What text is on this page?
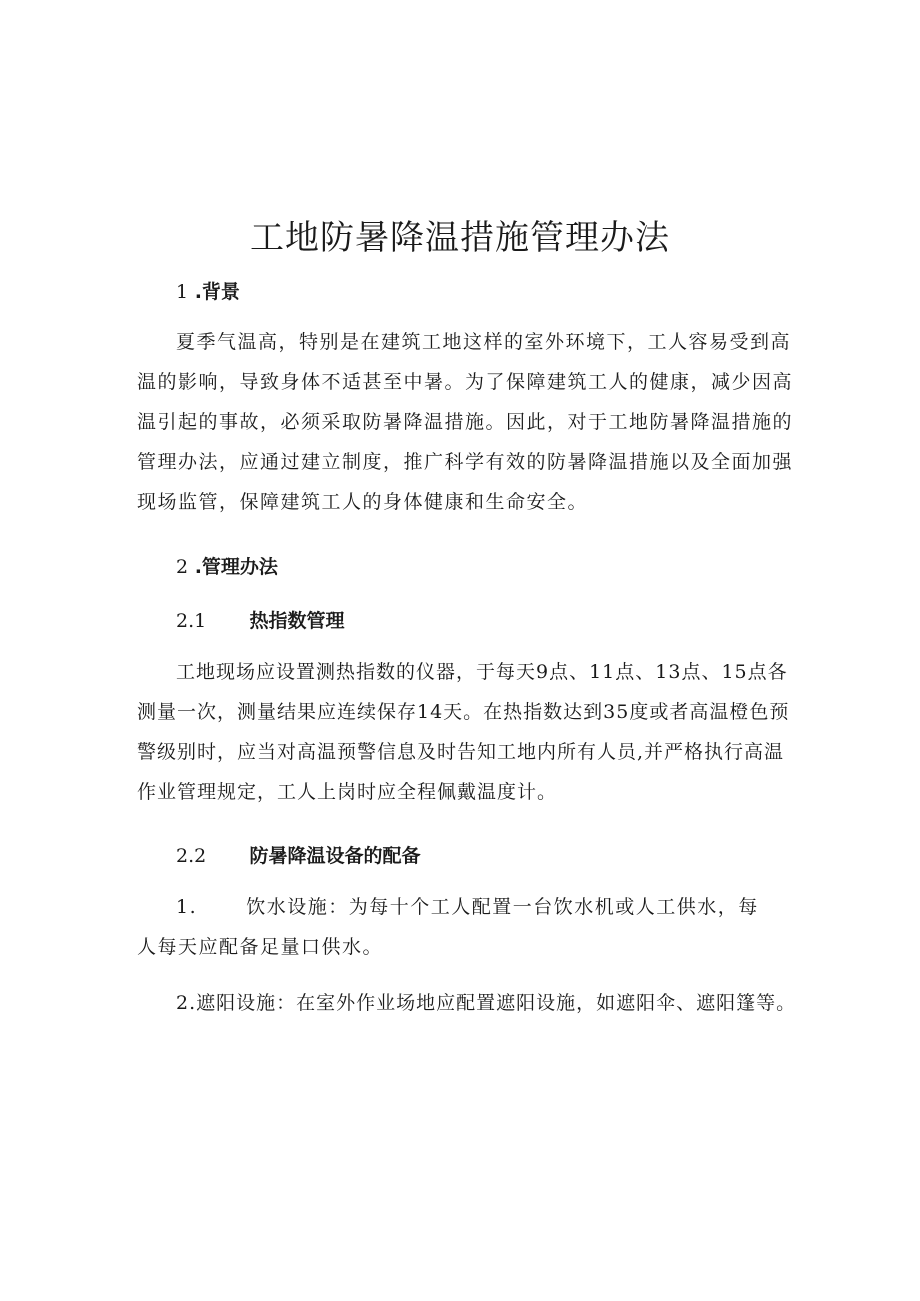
工地防暑降温措施管理办法
1 .背景
夏季气温高，特别是在建筑工地这样的室外环境下，工人容易受到高温的影响，导致身体不适甚至中暑。为了保障建筑工人的健康，减少因高温引起的事故，必须采取防暑降温措施。因此，对于工地防暑降温措施的管理办法，应通过建立制度，推广科学有效的防暑降温措施以及全面加强现场监管，保障建筑工人的身体健康和生命安全。
2 .管理办法
2.1 热指数管理
工地现场应设置测热指数的仪器，于每天9点、11点、13点、15点各测量一次，测量结果应连续保存14天。在热指数达到35度或者高温橙色预警级别时，应当对高温预警信息及时告知工地内所有人员,并严格执行高温作业管理规定，工人上岗时应全程佩戴温度计。
2.2 防暑降温设备的配备
1.	饮水设施：为每十个工人配置一台饮水机或人工供水，每
人每天应配备足量口供水。
2.遮阳设施：在室外作业场地应配置遮阳设施，如遮阳伞、遮阳篷等。
